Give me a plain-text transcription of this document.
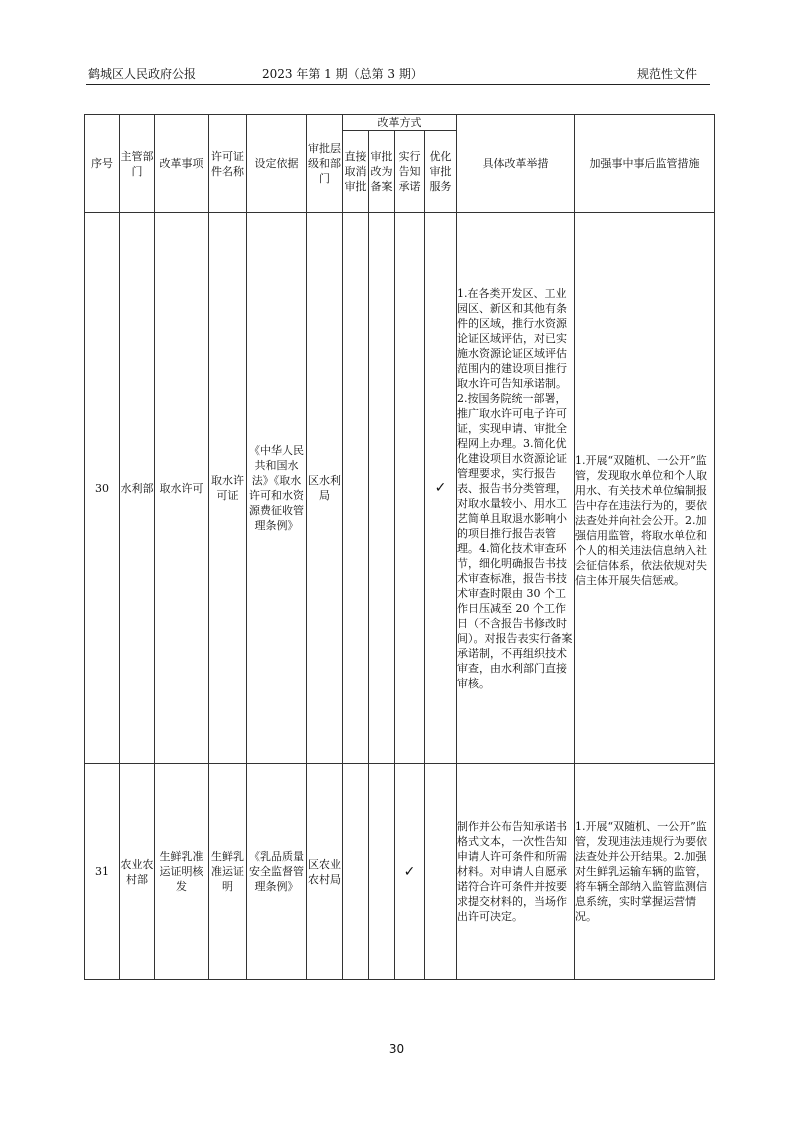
鹤城区人民政府公报	2023 年第 1 期（总第 3 期）	规范性文件
序号	主管部门	改革事项	许可证件名称	设定依据	审批层级和部门	改革方式				具体改革举措	加强事中事后监管措施
						直接取消审批	审批改为备案	实行告知承诺	优化审批服务		
30	水利部	取水许可	取水许可证	《中华人民共和国水法》《取水许可和水资源费征收管理条例》	区水利局				✓	1.在各类开发区、工业园区、新区和其他有条件的区域，推行水资源论证区域评估，对已实施水资源论证区域评估范围内的建设项目推行取水许可告知承诺制。2.按国务院统一部署，推广取水许可电子许可证，实现申请、审批全程网上办理。3.简化优化建设项目水资源论证管理要求，实行报告表、报告书分类管理，对取水量较小、用水工艺简单且取退水影响小的项目推行报告表管理。4.简化技术审查环节，细化明确报告书技术审查标准，报告书技术审查时限由 30 个工作日压减至 20 个工作日（不含报告书修改时间）。对报告表实行备案承诺制，不再组织技术审查，由水利部门直接审核。	1.开展“双随机、一公开”监管，发现取水单位和个人取用水、有关技术单位编制报告中存在违法行为的，要依法查处并向社会公开。2.加强信用监管，将取水单位和个人的相关违法信息纳入社会征信体系，依法依规对失信主体开展失信惩戒。
31	农业农村部	生鲜乳准运证明核发	生鲜乳准运证明	《乳品质量安全监督管理条例》	区农业农村局			✓		制作并公布告知承诺书格式文本，一次性告知申请人许可条件和所需材料。对申请人自愿承诺符合许可条件并按要求提交材料的，当场作出许可决定。	1.开展“双随机、一公开”监管，发现违法违规行为要依法查处并公开结果。2.加强对生鲜乳运输车辆的监管，将车辆全部纳入监管监测信息系统，实时掌握运营情况。
30
